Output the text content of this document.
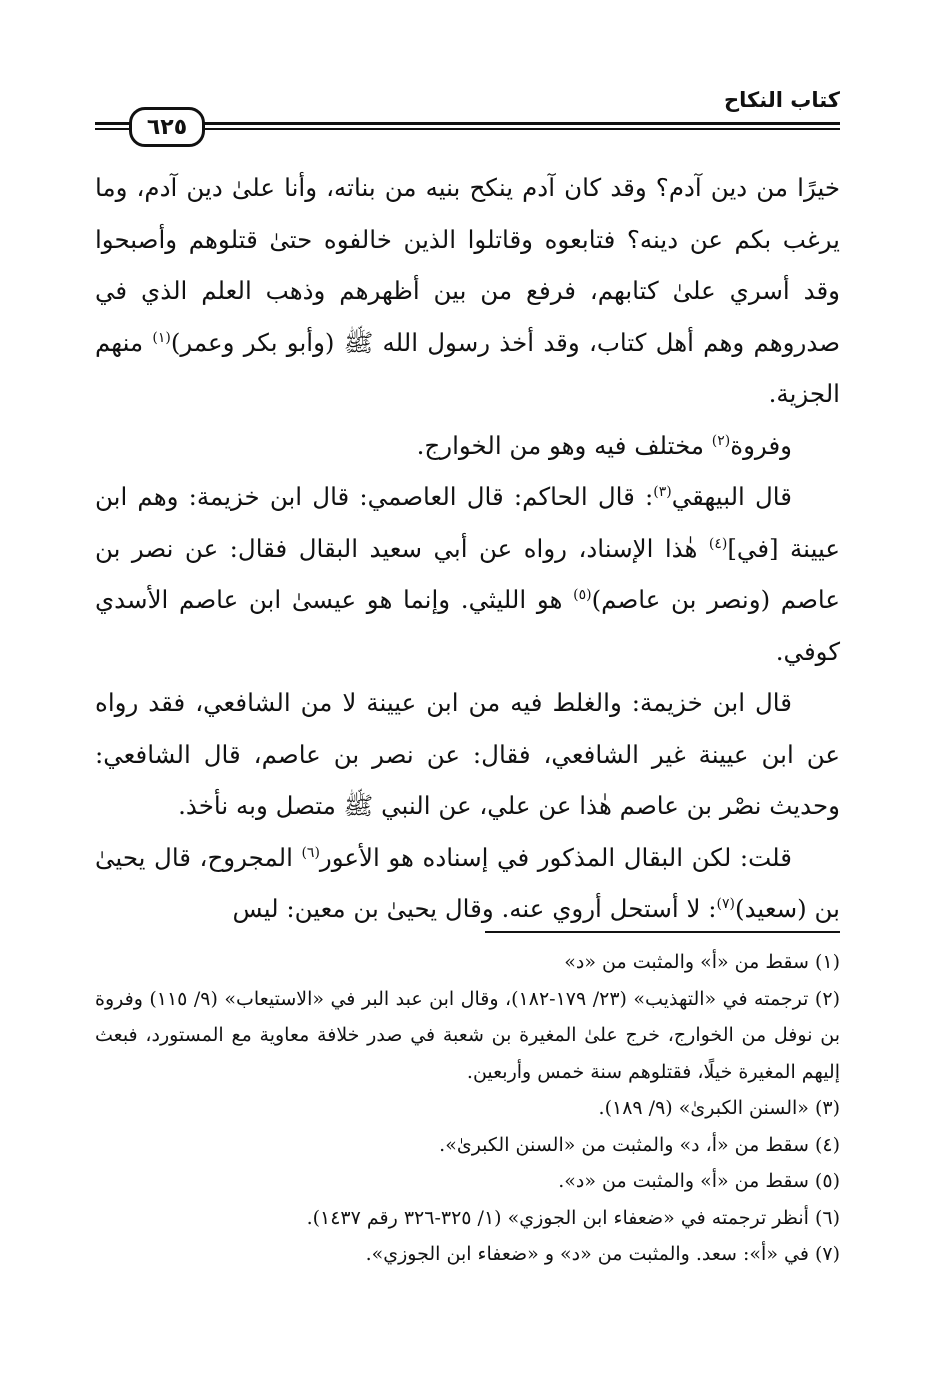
كتاب النكاح
٦٢٥

خيرًا من دين آدم؟ وقد كان آدم ينكح بنيه من بناته، وأنا علىٰ دين آدم، وما يرغب بكم عن دينه؟ فتابعوه وقاتلوا الذين خالفوه حتىٰ قتلوهم وأصبحوا وقد أسري علىٰ كتابهم، فرفع من بين أظهرهم وذهب العلم الذي في صدروهم وهم أهل كتاب، وقد أخذ رسول الله ﷺ (وأبو بكر وعمر)$^{(١)}$ منهم الجزية.

وفروة$^{(٢)}$ مختلف فيه وهو من الخوارج.

قال البيهقي$^{(٣)}$: قال الحاكم: قال العاصمي: قال ابن خزيمة: وهم ابن عيينة [في]$^{(٤)}$ هٰذا الإسناد، رواه عن أبي سعيد البقال فقال: عن نصر بن عاصم (ونصر بن عاصم)$^{(٥)}$ هو الليثي. وإنما هو عيسىٰ ابن عاصم الأسدي كوفي.

قال ابن خزيمة: والغلط فيه من ابن عيينة لا من الشافعي، فقد رواه عن ابن عيينة غير الشافعي، فقال: عن نصر بن عاصم، قال الشافعي: وحديث نصْر بن عاصم هٰذا عن علي، عن النبي ﷺ متصل وبه نأخذ.

قلت: لكن البقال المذكور في إسناده هو الأعور$^{(٦)}$ المجروح، قال يحيىٰ بن (سعيد)$^{(٧)}$: لا أستحل أروي عنه. وقال يحيىٰ بن معين: ليس

(١) سقط من «أ» والمثبت من «د»

(٢) ترجمته في «التهذيب» (٢٣/ ١٧٩-١٨٢)، وقال ابن عبد البر في «الاستيعاب» (٩/ ١١٥) وفروة بن نوفل من الخوارج، خرج علىٰ المغيرة بن شعبة في صدر خلافة معاوية مع المستورد، فبعث إليهم المغيرة خيلًا، فقتلوهم سنة خمس وأربعين.

(٣) «السنن الكبرىٰ» (٩/ ١٨٩).

(٤) سقط من «أ، د» والمثبت من «السنن الكبرىٰ».

(٥) سقط من «أ» والمثبت من «د».

(٦) أنظر ترجمته في «ضعفاء ابن الجوزي» (١/ ٣٢٥-٣٢٦ رقم ١٤٣٧).

(٧) في «أ»: سعد. والمثبت من «د» و «ضعفاء ابن الجوزي».
